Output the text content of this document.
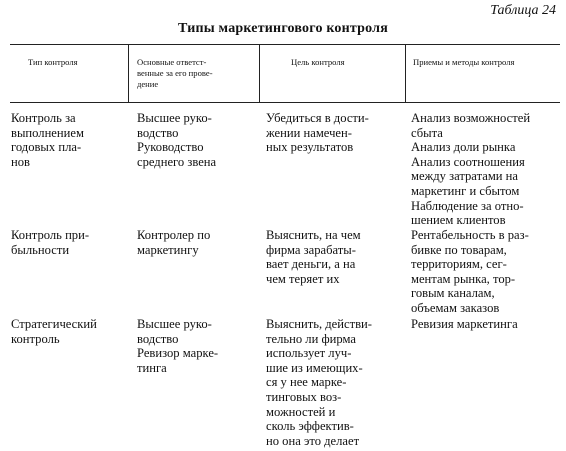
Таблица 24
Типы маркетингового контроля
Тип контроля	Основные ответст-
венные за его прове-
дение
Цель контроля	Приемы и методы контроля
Контроль за
выполнением
годовых пла-
нов
Высшее руко-
водство
Руководство
среднего звена
Убедиться в дости-
жении намечен-
ных результатов
Анализ возможностей
сбыта
Анализ доли рынка
Анализ соотношения
между затратами на
маркетинг и сбытом
Наблюдение за отно-
шением клиентов
Контроль при-
быльности
Контролер по
маркетингу
Выяснить, на чем
фирма зарабаты-
вает деньги, а на
чем теряет их
Рентабельность в раз-
бивке по товарам,
территориям, сег-
ментам рынка, тор-
говым каналам,
объемам заказов
Стратегический
контроль
Высшее руко-
водство
Ревизор марке-
тинга
Выяснить, действи-
тельно ли фирма
использует луч-
шие из имеющих-
ся у нее марке-
тинговых воз-
можностей и
сколь эффектив-
но она это делает
Ревизия маркетинга
